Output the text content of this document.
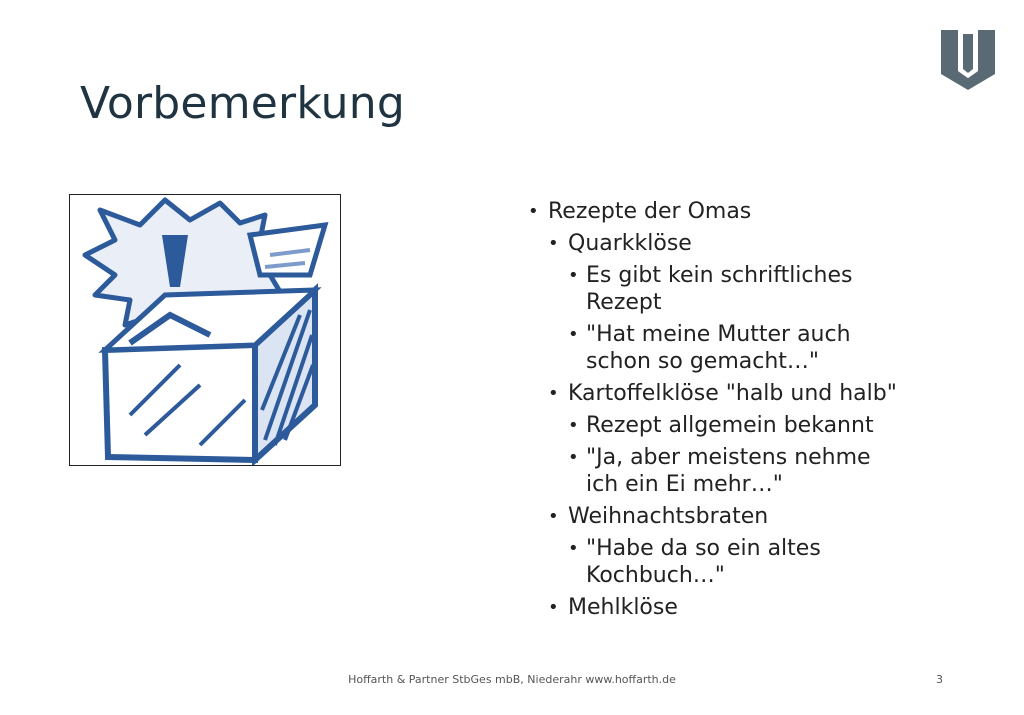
Vorbemerkung
• Rezepte der Omas
• Quarkklöse
• Es gibt kein schriftliches Rezept
• "Hat meine Mutter auch schon so gemacht…"
• Kartoffelklöse "halb und halb"
• Rezept allgemein bekannt
• "Ja, aber meistens nehme ich ein Ei mehr…"
• Weihnachtsbraten
• "Habe da so ein altes Kochbuch…"
• Mehlklöse
Hoffarth & Partner StbGes mbB, Niederahr www.hoffarth.de	3
